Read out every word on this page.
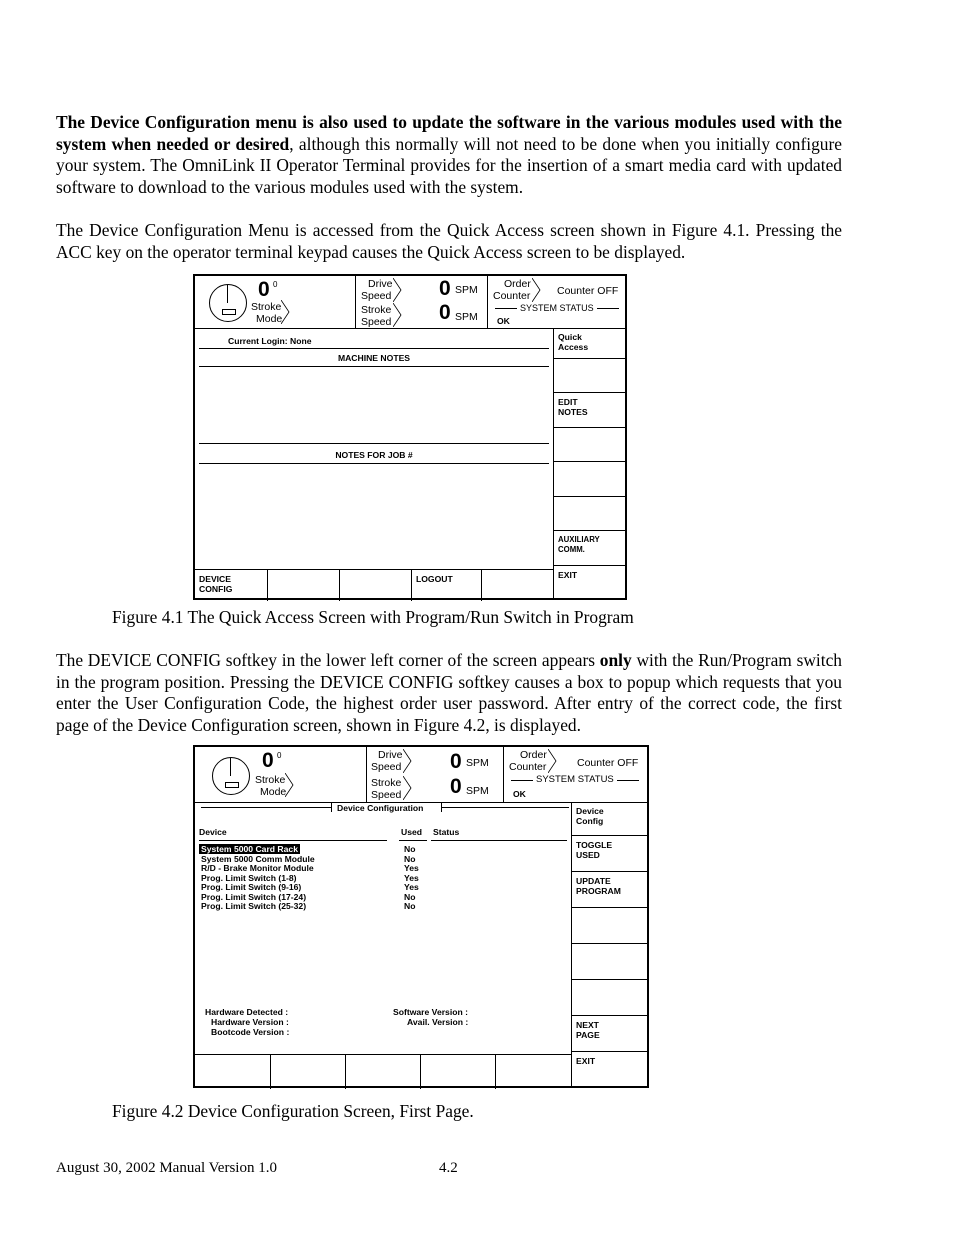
The Device Configuration menu is also used to update the software in the various modules used with the system when needed or desired, although this normally will not need to be done when you initially configure your system. The OmniLink II Operator Terminal provides for the insertion of a smart media card with updated software to download to the various modules used with the system.
The Device Configuration Menu is accessed from the Quick Access screen shown in Figure 4.1. Pressing the ACC key on the operator terminal keypad causes the Quick Access screen to be displayed.
0 0
Stroke
Mode
Drive
Speed
Stroke
Speed
0 SPM
0 SPM
Order
Counter	Counter OFF
SYSTEM STATUS
OK
Current Login: None
MACHINE NOTES
NOTES FOR JOB #
Quick
Access
EDIT
NOTES
AUXILIARY
COMM.
EXIT
DEVICE
CONFIG
LOGOUT
Figure 4.1 The Quick Access Screen with Program/Run Switch in Program
The DEVICE CONFIG softkey in the lower left corner of the screen appears only with the Run/Program switch in the program position. Pressing the DEVICE CONFIG softkey causes a box to popup which requests that you enter the User Configuration Code, the highest order user password. After entry of the correct code, the first page of the Device Configuration screen, shown in Figure 4.2, is displayed.
0 0
Stroke
Mode
Drive
Speed
Stroke
Speed
0 SPM
0 SPM
Order
Counter	Counter OFF
SYSTEM STATUS
OK
Device Configuration
Device	Used Status
System 5000 Card Rack	No
System 5000 Comm Module	No
R/D - Brake Monitor Module	Yes
Prog. Limit Switch (1-8)	Yes
Prog. Limit Switch (9-16)	Yes
Prog. Limit Switch (17-24)	No
Prog. Limit Switch (25-32)	No
Hardware Detected :
Hardware Version :
Bootcode Version :
Software Version :
Avail. Version :
Device
Config
TOGGLE
USED
UPDATE
PROGRAM
NEXT
PAGE
EXIT
Figure 4.2 Device Configuration Screen, First Page.
August 30, 2002 Manual Version 1.0	4.2
